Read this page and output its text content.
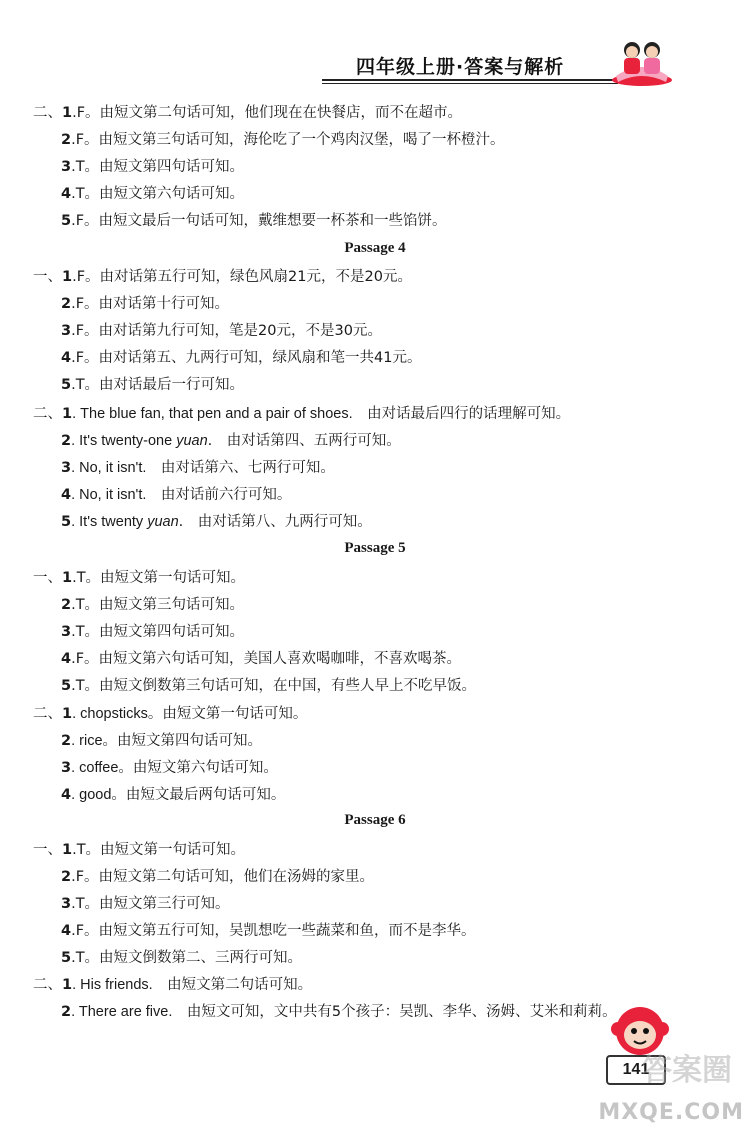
四年级上册·答案与解析
二、1.F。由短文第二句话可知，他们现在在快餐店，而不在超市。
2.F。由短文第三句话可知，海伦吃了一个鸡肉汉堡，喝了一杯橙汁。
3.T。由短文第四句话可知。
4.T。由短文第六句话可知。
5.F。由短文最后一句话可知，戴维想要一杯茶和一些馅饼。
Passage 4
一、1.F。由对话第五行可知，绿色风扇21元，不是20元。
2.F。由对话第十行可知。
3.F。由对话第九行可知，笔是20元，不是30元。
4.F。由对话第五、九两行可知，绿风扇和笔一共41元。
5.T。由对话最后一行可知。
二、1. The blue fan, that pen and a pair of shoes.　由对话最后四行的话理解可知。
2. It's twenty-one yuan.　由对话第四、五两行可知。
3. No, it isn't.　由对话第六、七两行可知。
4. No, it isn't.　由对话前六行可知。
5. It's twenty yuan.　由对话第八、九两行可知。
Passage 5
一、1.T。由短文第一句话可知。
2.T。由短文第三句话可知。
3.T。由短文第四句话可知。
4.F。由短文第六句话可知，美国人喜欢喝咖啡，不喜欢喝茶。
5.T。由短文倒数第三句话可知，在中国，有些人早上不吃早饭。
二、1. chopsticks。由短文第一句话可知。
2. rice。由短文第四句话可知。
3. coffee。由短文第六句话可知。
4. good。由短文最后两句话可知。
Passage 6
一、1.T。由短文第一句话可知。
2.F。由短文第二句话可知，他们在汤姆的家里。
3.T。由短文第三行可知。
4.F。由短文第五行可知，吴凯想吃一些蔬菜和鱼，而不是李华。
5.T。由短文倒数第二、三两行可知。
二、1. His friends.　由短文第二句话可知。
2. There are five.　由短文可知，文中共有5个孩子：吴凯、李华、汤姆、艾米和莉莉。
141
答案圈
MXQE.COM
